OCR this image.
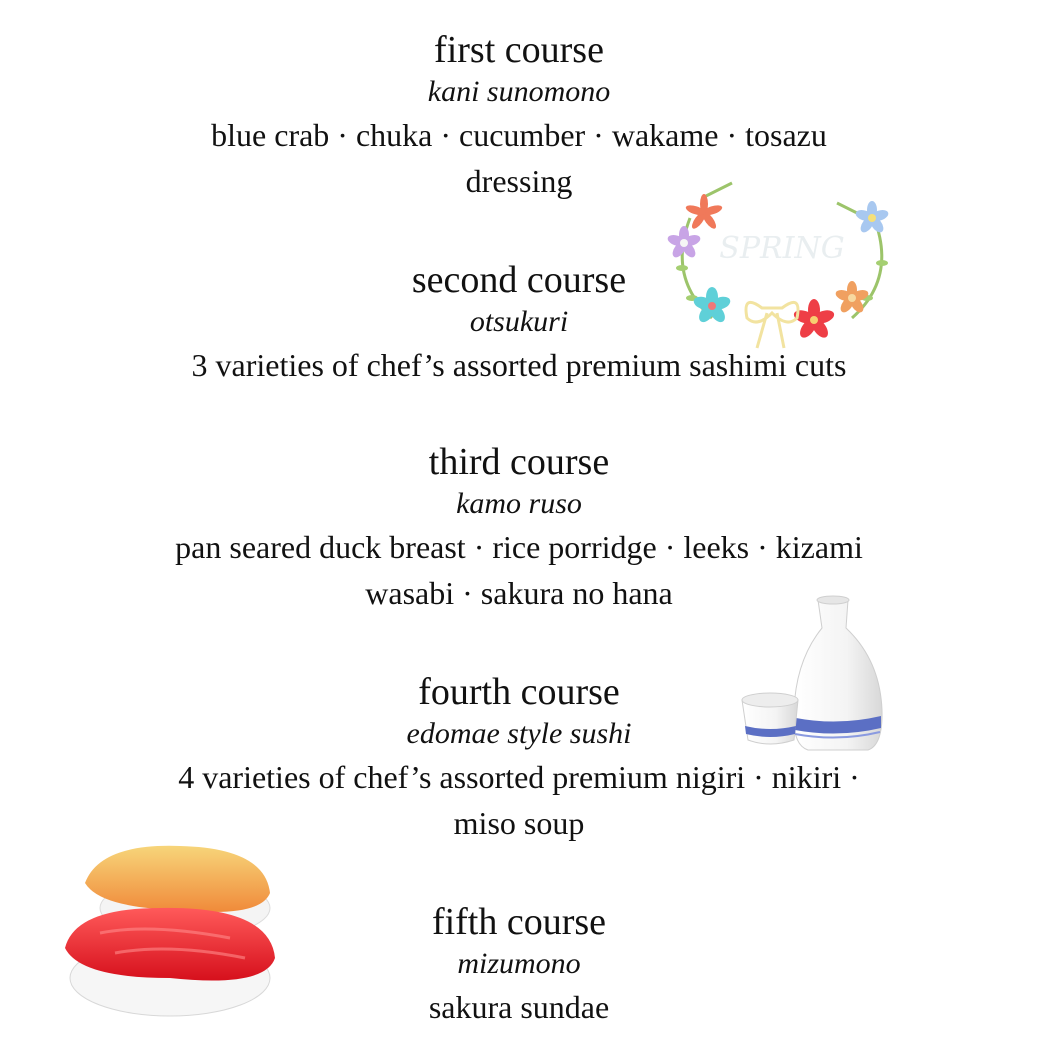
first course
kani sunomono
blue crab · chuka · cucumber · wakame · tosazu
dressing
second course
otsukuri
3 varieties of chef’s assorted premium sashimi cuts
third course
kamo ruso
pan seared duck breast · rice porridge · leeks · kizami
wasabi · sakura no hana
fourth course
edomae style sushi
4 varieties of chef’s assorted premium nigiri · nikiri ·
miso soup
fifth course
mizumono
sakura sundae
SPRING
